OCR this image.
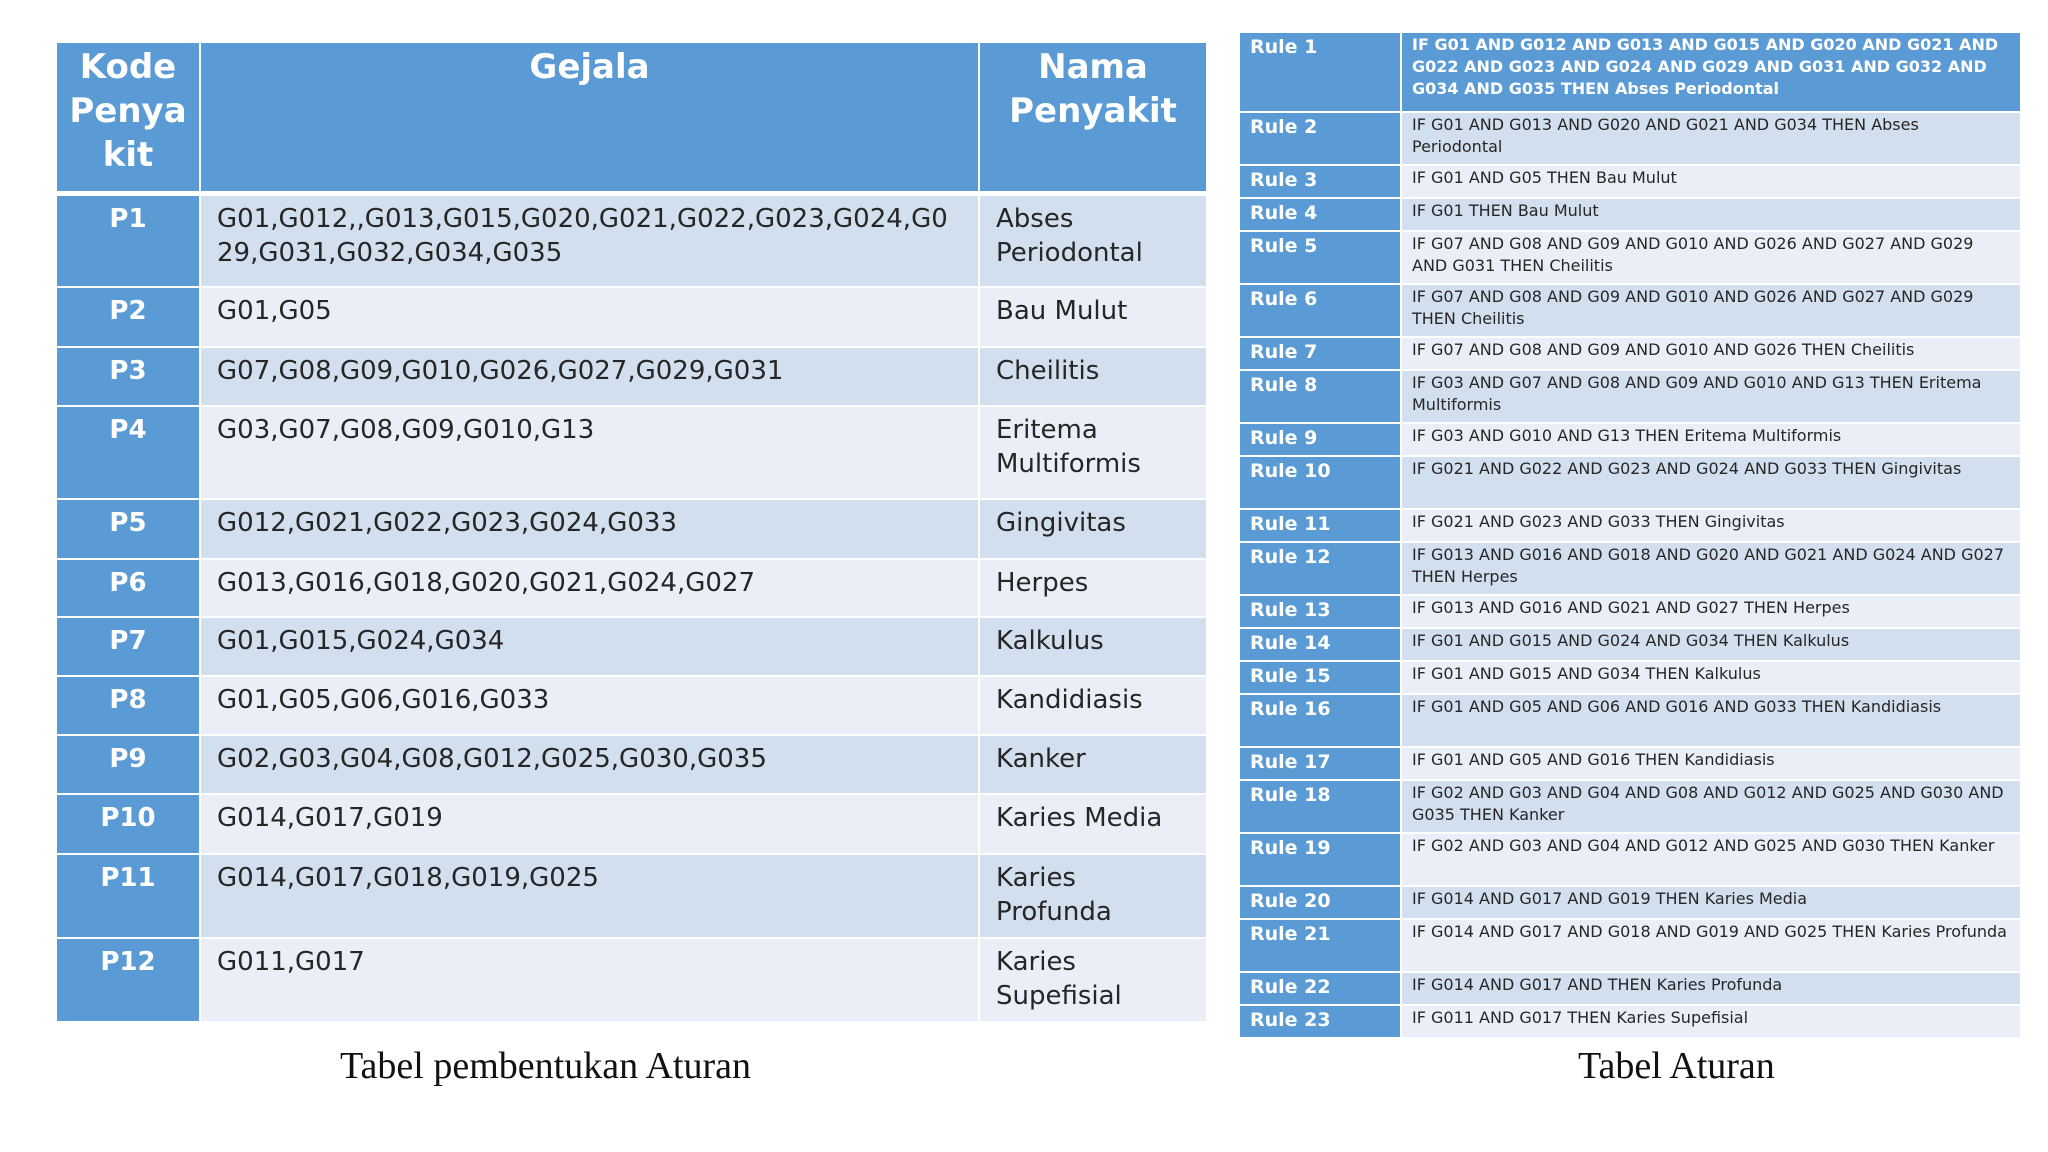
Kode Penya kit	Gejala	Nama Penyakit
P1	G01,G012,,G013,G015,G020,G021,G022,G023,G024,G029,G031,G032,G034,G035	Abses Periodontal
P2	G01,G05	Bau Mulut
P3	G07,G08,G09,G010,G026,G027,G029,G031	Cheilitis
P4	G03,G07,G08,G09,G010,G13	Eritema Multiformis
P5	G012,G021,G022,G023,G024,G033	Gingivitas
P6	G013,G016,G018,G020,G021,G024,G027	Herpes
P7	G01,G015,G024,G034	Kalkulus
P8	G01,G05,G06,G016,G033	Kandidiasis
P9	G02,G03,G04,G08,G012,G025,G030,G035	Kanker
P10	G014,G017,G019	Karies Media
P11	G014,G017,G018,G019,G025	Karies Profunda
P12	G011,G017	Karies Supefisial
Rule 1	IF G01 AND G012 AND G013 AND G015 AND G020 AND G021 AND G022 AND G023 AND G024 AND G029 AND G031 AND G032 AND G034 AND G035 THEN Abses Periodontal
Rule 2	IF G01 AND G013 AND G020 AND G021 AND G034 THEN Abses Periodontal
Rule 3	IF G01 AND G05 THEN Bau Mulut
Rule 4	IF G01 THEN Bau Mulut
Rule 5	IF G07 AND G08 AND G09 AND G010 AND G026 AND G027 AND G029 AND G031 THEN Cheilitis
Rule 6	IF G07 AND G08 AND G09 AND G010 AND G026 AND G027 AND G029 THEN Cheilitis
Rule 7	IF G07 AND G08 AND G09 AND G010 AND G026 THEN Cheilitis
Rule 8	IF G03 AND G07 AND G08 AND G09 AND G010 AND G13 THEN Eritema Multiformis
Rule 9	IF G03 AND G010 AND G13 THEN Eritema Multiformis
Rule 10	IF G021 AND G022 AND G023 AND G024 AND G033 THEN Gingivitas
Rule 11	IF G021 AND G023 AND G033 THEN Gingivitas
Rule 12	IF G013 AND G016 AND G018 AND G020 AND G021 AND G024 AND G027 THEN Herpes
Rule 13	IF G013 AND G016 AND G021 AND G027 THEN Herpes
Rule 14	IF G01 AND G015 AND G024 AND G034 THEN Kalkulus
Rule 15	IF G01 AND G015 AND G034 THEN Kalkulus
Rule 16	IF G01 AND G05 AND G06 AND G016 AND G033 THEN Kandidiasis
Rule 17	IF G01 AND G05 AND G016 THEN Kandidiasis
Rule 18	IF G02 AND G03 AND G04 AND G08 AND G012 AND G025 AND G030 AND G035 THEN Kanker
Rule 19	IF G02 AND G03 AND G04 AND G012 AND G025 AND G030 THEN Kanker
Rule 20	IF G014 AND G017 AND G019 THEN Karies Media
Rule 21	IF G014 AND G017 AND G018 AND G019 AND G025 THEN Karies Profunda
Rule 22	IF G014 AND G017 AND THEN Karies Profunda
Rule 23	IF G011 AND G017 THEN Karies Supefisial
Tabel pembentukan Aturan	Tabel Aturan
